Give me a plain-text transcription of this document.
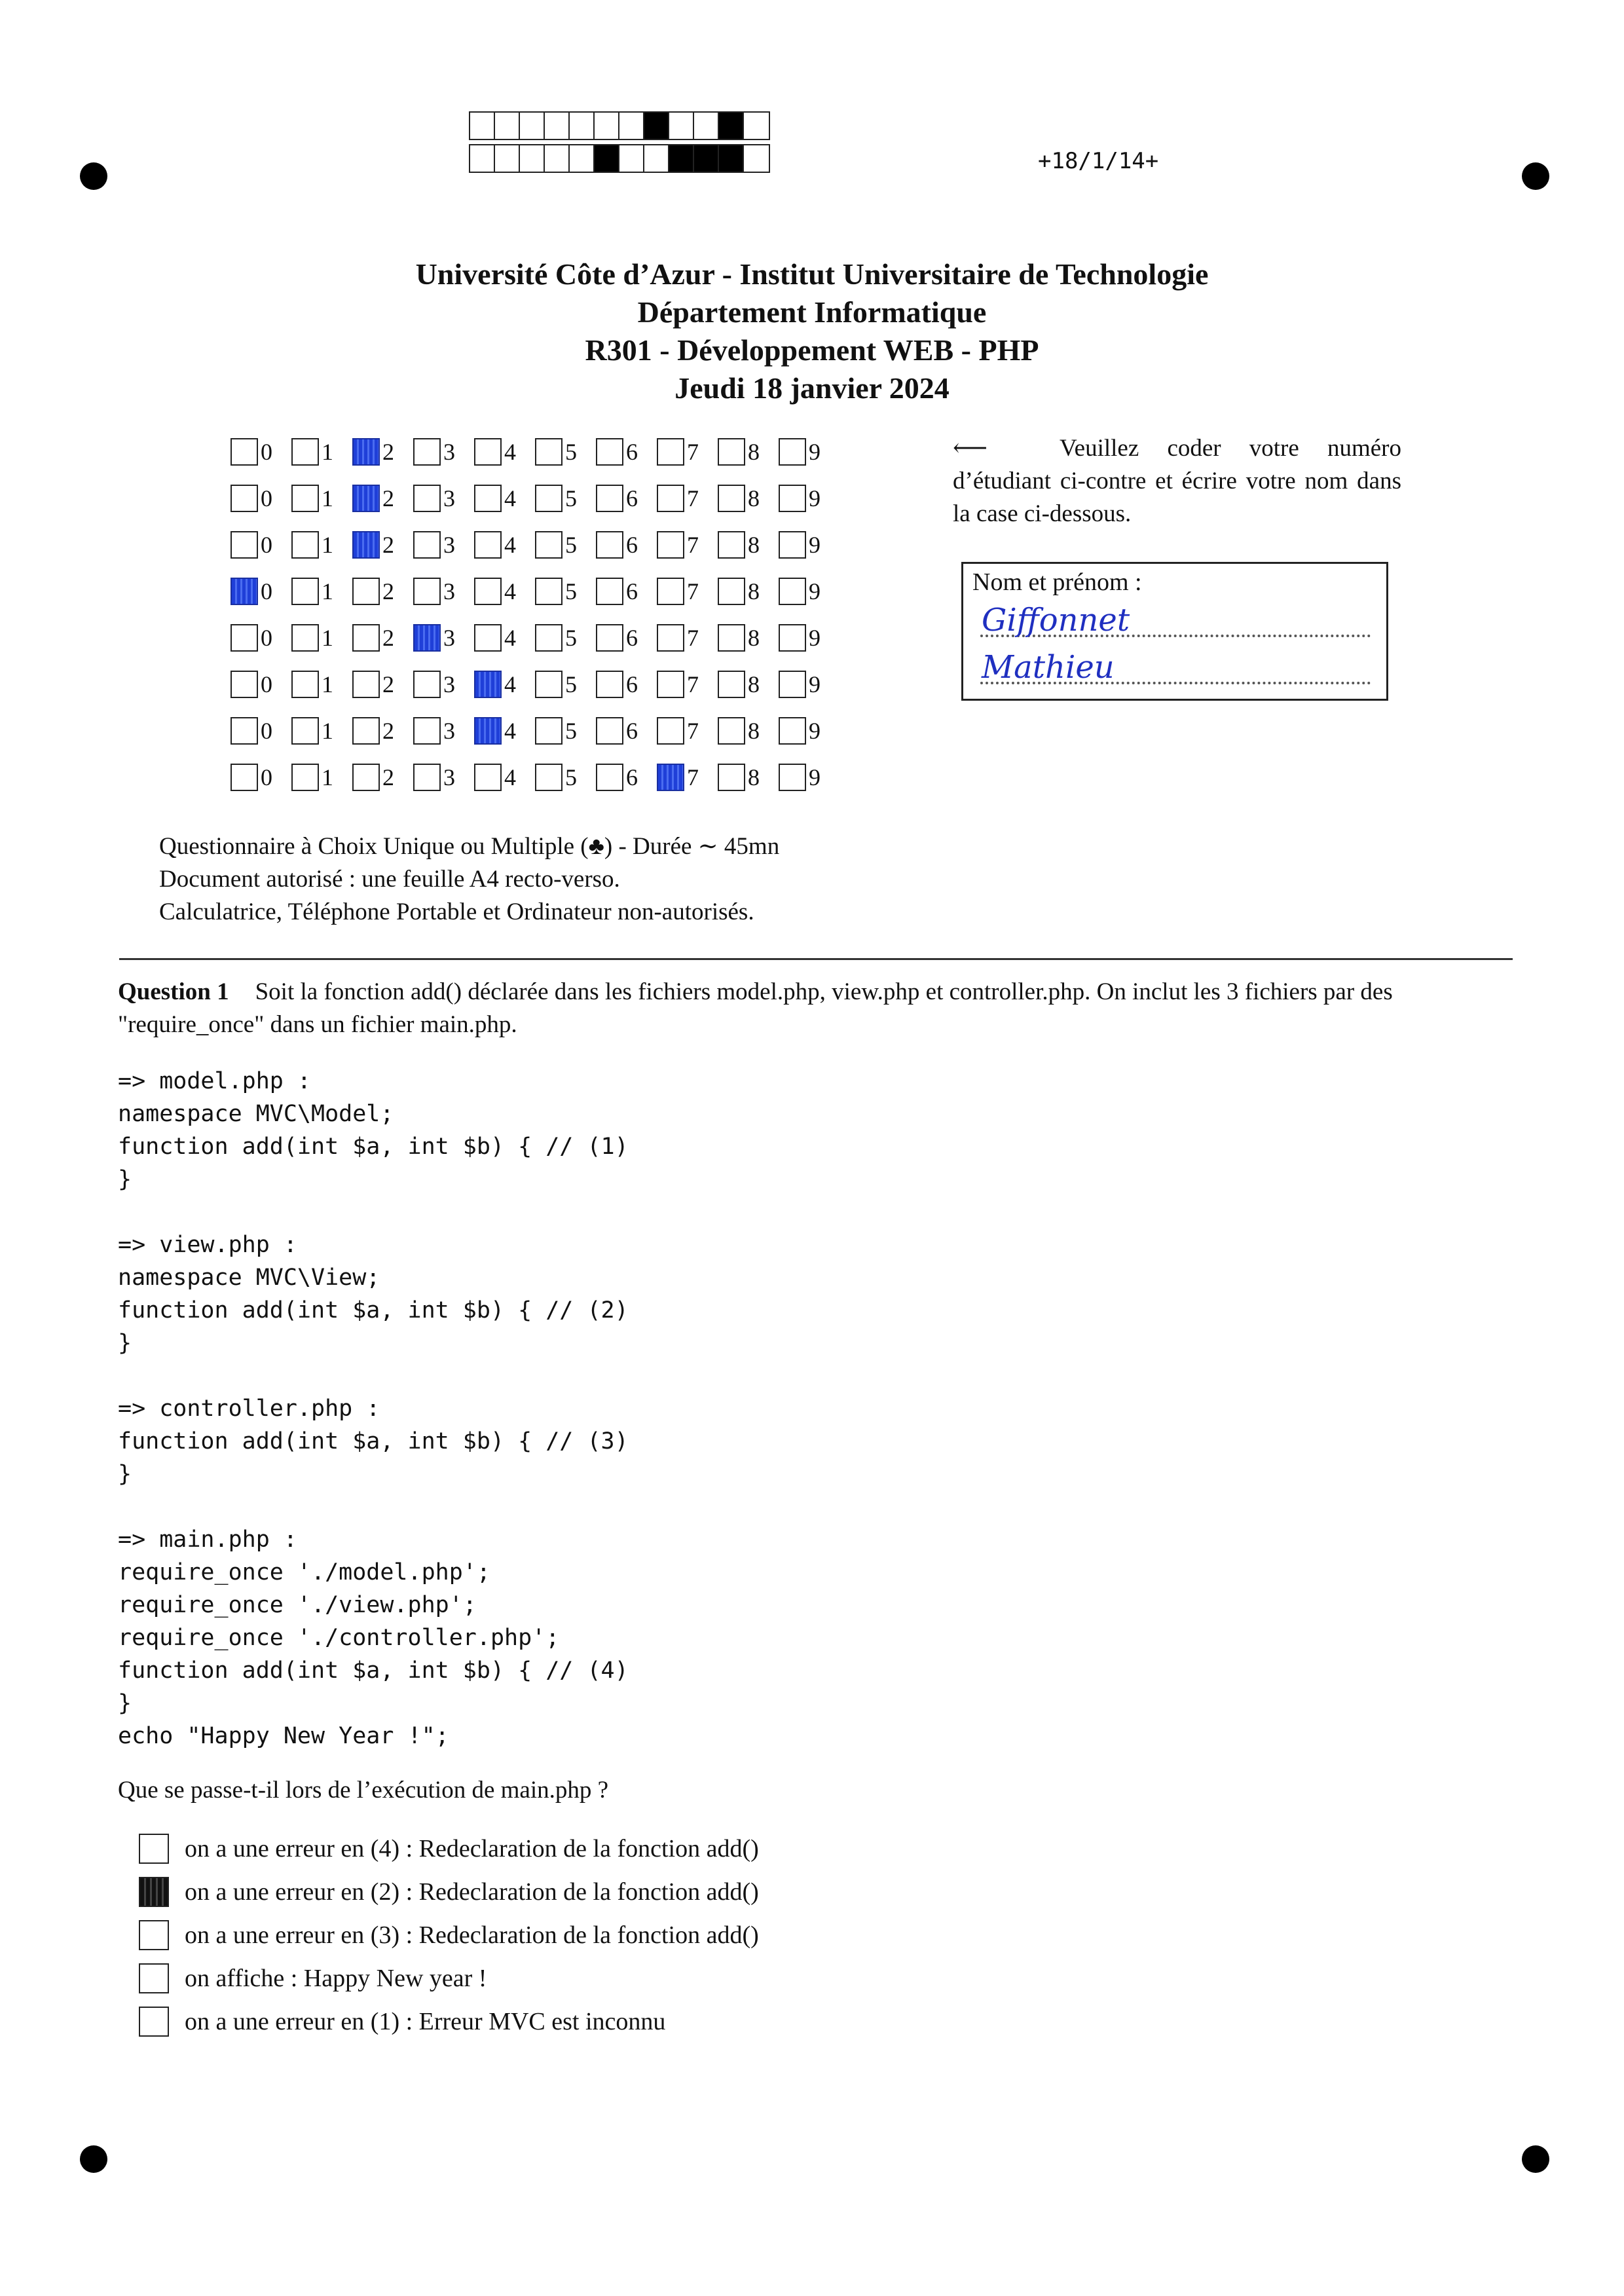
+18/1/14+
Université Côte d’Azur - Institut Universitaire de Technologie
Département Informatique
R301 - Développement WEB - PHP
Jeudi 18 janvier 2024
0 1 2 3 4 5 6 7 8 9
0 1 2 3 4 5 6 7 8 9
0 1 2 3 4 5 6 7 8 9
0 1 2 3 4 5 6 7 8 9
0 1 2 3 4 5 6 7 8 9
0 1 2 3 4 5 6 7 8 9
0 1 2 3 4 5 6 7 8 9
0 1 2 3 4 5 6 7 8 9
⟵	Veuillez coder votre numéro d’étudiant ci-contre et écrire votre nom dans la case ci-dessous.
Nom et prénom :
Giffonnet
Mathieu
Questionnaire à Choix Unique ou Multiple (♣) - Durée ∼ 45mn
Document autorisé : une feuille A4 recto-verso.
Calculatrice, Téléphone Portable et Ordinateur non-autorisés.
Question 1 Soit la fonction add() déclarée dans les fichiers model.php, view.php et controller.php. On inclut les 3 fichiers par des "require_once" dans un fichier main.php.
=> model.php :
namespace MVC\Model;
function add(int $a, int $b) { // (1)
}
=> view.php :
namespace MVC\View;
function add(int $a, int $b) { // (2)
}
=> controller.php :
function add(int $a, int $b) { // (3)
}
=> main.php :
require_once './model.php';
require_once './view.php';
require_once './controller.php';
function add(int $a, int $b) { // (4)
}
echo "Happy New Year !";
Que se passe-t-il lors de l’exécution de main.php ?
on a une erreur en (4) : Redeclaration de la fonction add()
on a une erreur en (2) : Redeclaration de la fonction add()
on a une erreur en (3) : Redeclaration de la fonction add()
on affiche : Happy New year !
on a une erreur en (1) : Erreur MVC est inconnu
